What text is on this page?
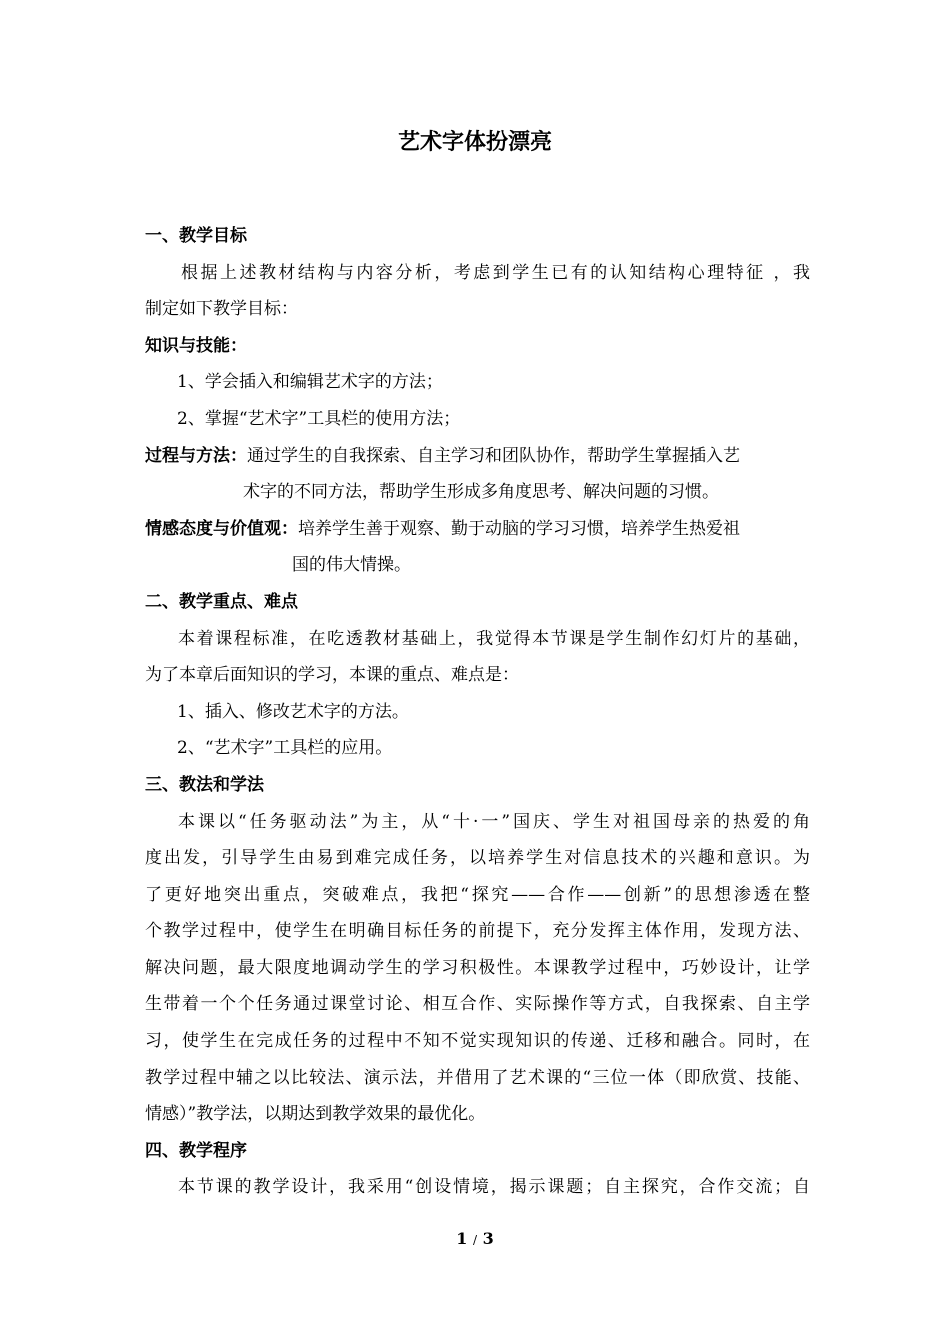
艺术字体扮漂亮
一、教学目标
根据上述教材结构与内容分析，考虑到学生已有的认知结构心理特征 ，我
制定如下教学目标：
知识与技能：
1、学会插入和编辑艺术字的方法；
2、掌握“艺术字”工具栏的使用方法；
过程与方法：通过学生的自我探索、自主学习和团队协作，帮助学生掌握插入艺
术字的不同方法，帮助学生形成多角度思考、解决问题的习惯。
情感态度与价值观：培养学生善于观察、勤于动脑的学习习惯，培养学生热爱祖
国的伟大情操。
二、教学重点、难点
本着课程标准，在吃透教材基础上，我觉得本节课是学生制作幻灯片的基础，
为了本章后面知识的学习，本课的重点、难点是：
1、插入、修改艺术字的方法。
2、“艺术字”工具栏的应用。
三、教法和学法
本课以“任务驱动法”为主，从“十·一”国庆、学生对祖国母亲的热爱的角
度出发，引导学生由易到难完成任务，以培养学生对信息技术的兴趣和意识。为
了更好地突出重点，突破难点，我把“探究——合作——创新”的思想渗透在整
个教学过程中，使学生在明确目标任务的前提下，充分发挥主体作用，发现方法、
解决问题，最大限度地调动学生的学习积极性。本课教学过程中，巧妙设计，让学
生带着一个个任务通过课堂讨论、相互合作、实际操作等方式，自我探索、自主学
习，使学生在完成任务的过程中不知不觉实现知识的传递、迁移和融合。同时，在
教学过程中辅之以比较法、演示法，并借用了艺术课的“三位一体（即欣赏、技能、
情感）”教学法，以期达到教学效果的最优化。
四、教学程序
本节课的教学设计，我采用“创设情境，揭示课题；自主探究，合作交流；自
1 / 3
